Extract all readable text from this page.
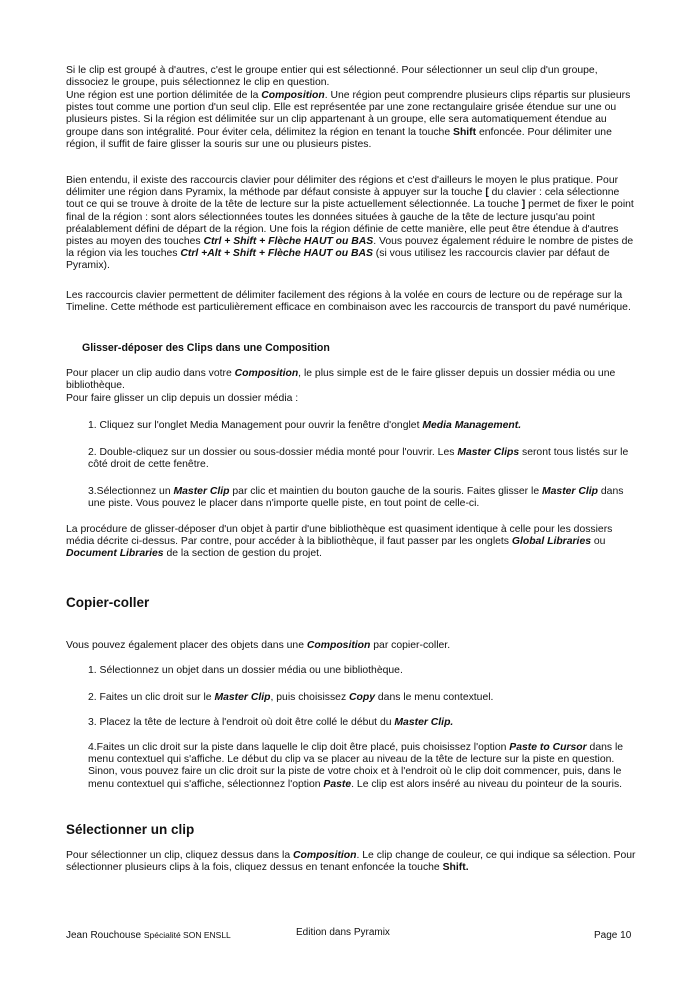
Si le clip est groupé à d'autres, c'est le groupe entier qui est sélectionné. Pour sélectionner un seul clip d'un groupe, dissociez le groupe, puis sélectionnez le clip en question.

Une région est une portion délimitée de la Composition. Une région peut comprendre plusieurs clips répartis sur plusieurs pistes tout comme une portion d'un seul clip. Elle est représentée par une zone rectangulaire grisée étendue sur une ou plusieurs pistes. Si la région est délimitée sur un clip appartenant à un groupe, elle sera automatiquement étendue au groupe dans son intégralité. Pour éviter cela, délimitez la région en tenant la touche Shift enfoncée. Pour délimiter une région, il suffit de faire glisser la souris sur une ou plusieurs pistes.

Bien entendu, il existe des raccourcis clavier pour délimiter des régions et c'est d'ailleurs le moyen le plus pratique. Pour délimiter une région dans Pyramix, la méthode par défaut consiste à appuyer sur la touche [ du clavier : cela sélectionne tout ce qui se trouve à droite de la tête de lecture sur la piste actuellement sélectionnée. La touche ] permet de fixer le point final de la région : sont alors sélectionnées toutes les données situées à gauche de la tête de lecture jusqu'au point préalablement défini de départ de la région. Une fois la région définie de cette manière, elle peut être étendue à d'autres pistes au moyen des touches Ctrl + Shift + Flèche HAUT ou BAS. Vous pouvez également réduire le nombre de pistes de la région via les touches Ctrl +Alt + Shift + Flèche HAUT ou BAS (si vous utilisez les raccourcis clavier par défaut de Pyramix).

Les raccourcis clavier permettent de délimiter facilement des régions à la volée en cours de lecture ou de repérage sur la Timeline. Cette méthode est particulièrement efficace en combinaison avec les raccourcis de transport du pavé numérique.

Glisser-déposer des Clips dans une Composition

Pour placer un clip audio dans votre Composition, le plus simple est de le faire glisser depuis un dossier média ou une bibliothèque.

Pour faire glisser un clip depuis un dossier média :

1. Cliquez sur l'onglet Media Management pour ouvrir la fenêtre d'onglet Media Management.

2. Double-cliquez sur un dossier ou sous-dossier média monté pour l'ouvrir. Les Master Clips seront tous listés sur le côté droit de cette fenêtre.

3.Sélectionnez un Master Clip par clic et maintien du bouton gauche de la souris. Faites glisser le Master Clip dans une piste. Vous pouvez le placer dans n'importe quelle piste, en tout point de celle-ci.

La procédure de glisser-déposer d'un objet à partir d'une bibliothèque est quasiment identique à celle pour les dossiers média décrite ci-dessus. Par contre, pour accéder à la bibliothèque, il faut passer par les onglets Global Libraries ou Document Libraries de la section de gestion du projet.

Copier-coller

Vous pouvez également placer des objets dans une Composition par copier-coller.

1. Sélectionnez un objet dans un dossier média ou une bibliothèque.

2. Faites un clic droit sur le Master Clip, puis choisissez Copy dans le menu contextuel.

3. Placez la tête de lecture à l'endroit où doit être collé le début du Master Clip.

4.Faites un clic droit sur la piste dans laquelle le clip doit être placé, puis choisissez l'option Paste to Cursor dans le menu contextuel qui s'affiche. Le début du clip va se placer au niveau de la tête de lecture sur la piste en question. Sinon, vous pouvez faire un clic droit sur la piste de votre choix et à l'endroit où le clip doit commencer, puis, dans le menu contextuel qui s'affiche, sélectionnez l'option Paste. Le clip est alors inséré au niveau du pointeur de la souris.

Sélectionner un clip

Pour sélectionner un clip, cliquez dessus dans la Composition. Le clip change de couleur, ce qui indique sa sélection. Pour sélectionner plusieurs clips à la fois, cliquez dessus en tenant enfoncée la touche Shift.

Jean Rouchouse Spécialité SON ENSLL	Edition dans Pyramix	Page 10
